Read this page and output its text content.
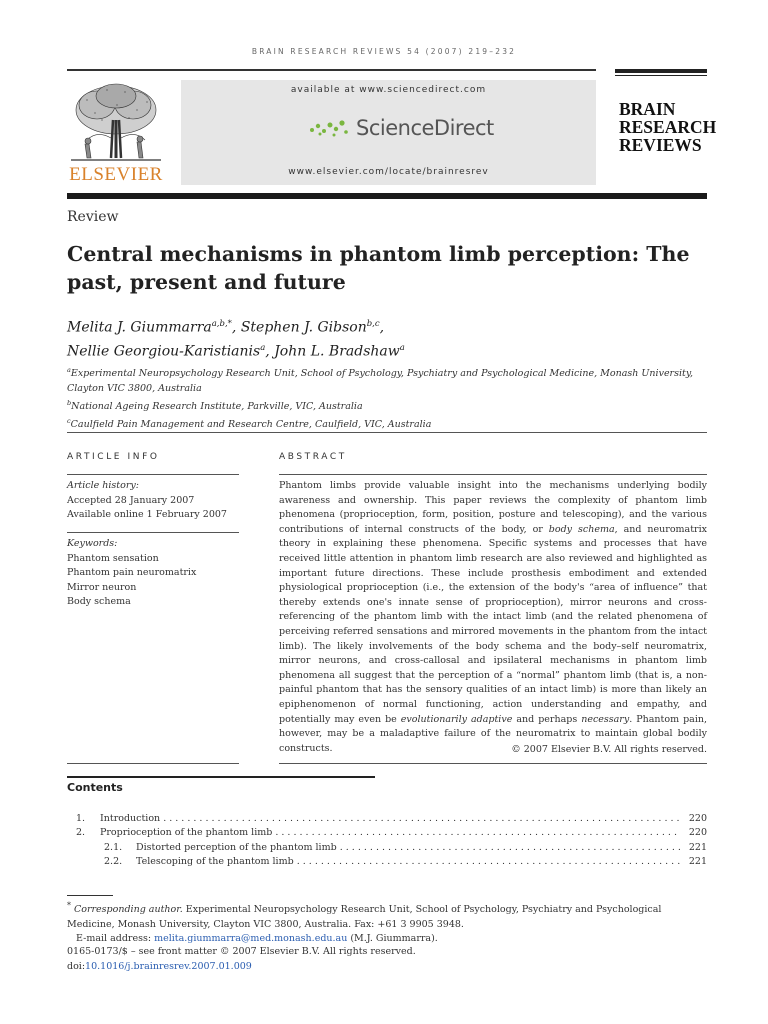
BRAIN RESEARCH REVIEWS 54 (2007) 219–232
ELSEVIER
available at www.sciencedirect.com
ScienceDirect
www.elsevier.com/locate/brainresrev
BRAIN
RESEARCH
REVIEWS
Review
Central mechanisms in phantom limb perception: The past, present and future
Melita J. Giummarra$^{a,b,*}$, Stephen J. Gibson$^{b,c}$,
Nellie Georgiou-Karistianis$^a$, John L. Bradshaw$^a$
$^a$Experimental Neuropsychology Research Unit, School of Psychology, Psychiatry and Psychological Medicine, Monash University, Clayton VIC 3800, Australia
$^b$National Ageing Research Institute, Parkville, VIC, Australia
$^c$Caulfield Pain Management and Research Centre, Caulfield, VIC, Australia
ARTICLE INFO
Article history:
Accepted 28 January 2007
Available online 1 February 2007
Keywords:
Phantom sensation
Phantom pain neuromatrix
Mirror neuron
Body schema
ABSTRACT
Phantom limbs provide valuable insight into the mechanisms underlying bodily awareness and ownership. This paper reviews the complexity of phantom limb phenomena (proprioception, form, position, posture and telescoping), and the various contributions of internal constructs of the body, or body schema, and neuromatrix theory in explaining these phenomena. Specific systems and processes that have received little attention in phantom limb research are also reviewed and highlighted as important future directions. These include prosthesis embodiment and extended physiological proprioception (i.e., the extension of the body's “area of influence” that thereby extends one's innate sense of proprioception), mirror neurons and cross-referencing of the phantom limb with the intact limb (and the related phenomena of perceiving referred sensations and mirrored movements in the phantom from the intact limb). The likely involvements of the body schema and the body–self neuromatrix, mirror neurons, and cross-callosal and ipsilateral mechanisms in phantom limb phenomena all suggest that the perception of a “normal” phantom limb (that is, a non-painful phantom that has the sensory qualities of an intact limb) is more than likely an epiphenomenon of normal functioning, action understanding and empathy, and potentially may even be evolutionarily adaptive and perhaps necessary. Phantom pain, however, may be a maladaptive failure of the neuromatrix to maintain global bodily constructs.	© 2007 Elsevier B.V. All rights reserved.
Contents
1. Introduction . . .	220
2. Proprioception of the phantom limb . . .	220
2.1. Distorted perception of the phantom limb . . .	221
2.2. Telescoping of the phantom limb . . .	221
* Corresponding author. Experimental Neuropsychology Research Unit, School of Psychology, Psychiatry and Psychological Medicine, Monash University, Clayton VIC 3800, Australia. Fax: +61 3 9905 3948.
E-mail address: melita.giummarra@med.monash.edu.au (M.J. Giummarra).
0165-0173/$ – see front matter © 2007 Elsevier B.V. All rights reserved.
doi:10.1016/j.brainresrev.2007.01.009
